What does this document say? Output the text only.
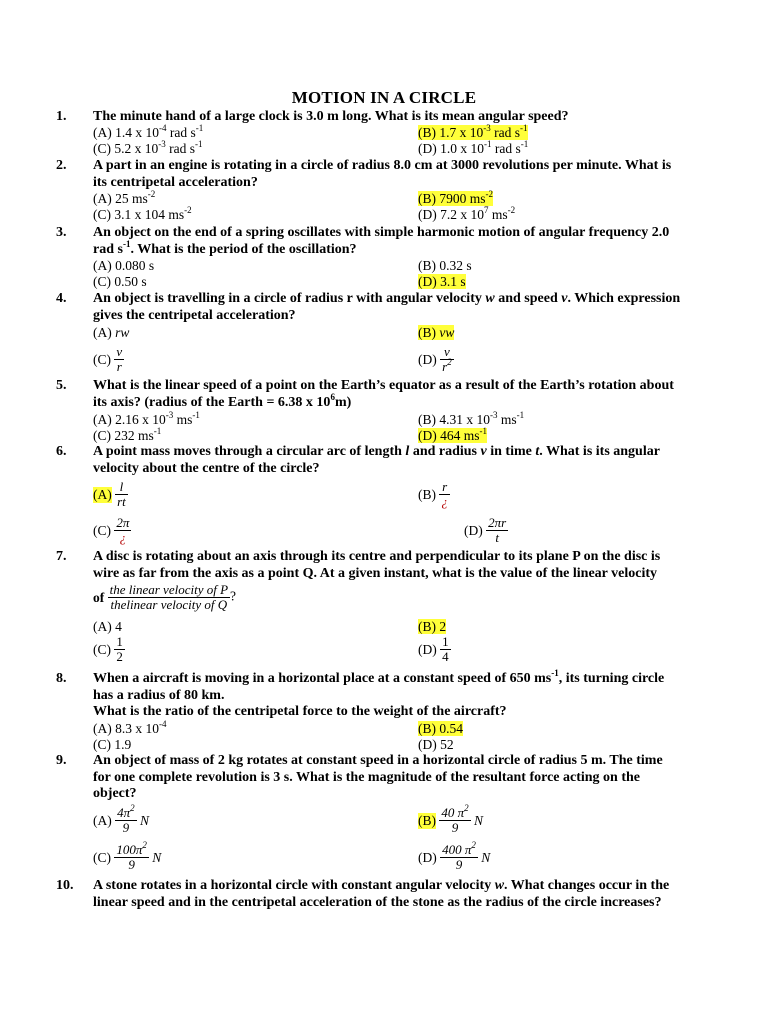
MOTION IN A CIRCLE
1. The minute hand of a large clock is 3.0 m long. What is its mean angular speed?
(A) 1.4 x $10^{-4}$ rad $s^{-1}$	(B) 1.7 x $10^{-3}$ rad $s^{-1}$
(C) 5.2 x $10^{-3}$ rad $s^{-1}$	(D) 1.0 x $10^{-1}$ rad $s^{-1}$
2. A part in an engine is rotating in a circle of radius 8.0 cm at 3000 revolutions per minute. What is its centripetal acceleration?
(A) 25 $ms^{-2}$	(B) 7900 $ms^{-2}$
(C) 3.1 x 104 $ms^{-2}$	(D) 7.2 x $10^7$ $ms^{-2}$
3. An object on the end of a spring oscillates with simple harmonic motion of angular frequency 2.0 rad $s^{-1}$. What is the period of the oscillation?
(A) 0.080 s	(B) 0.32 s
(C) 0.50 s	(D) 3.1 s
4. An object is travelling in a circle of radius r with angular velocity w and speed v. Which expression gives the centripetal acceleration?
(A) rw	(B) vw
$(C) \frac{v}{r}$	$(D) \frac{v}{r^2}$
5. What is the linear speed of a point on the Earth’s equator as a result of the Earth’s rotation about its axis? (radius of the Earth = 6.38 x $10^6m$)
(A) 2.16 x $10^{-3}$ $ms^{-1}$	(B) 4.31 x $10^{-3}$ $ms^{-1}$
(C) 232 $ms^{-1}$	(D) 464 $ms^{-1}$
6. A point mass moves through a circular arc of length l and radius v in time t. What is its angular velocity about the centre of the circle?
$(A) \frac{l}{rt}$	$(B) \frac{r}{¿}$
$(C) \frac{2\pi}{¿}$	$(D) \frac{2\pi r}{t}$
7. A disc is rotating about an axis through its centre and perpendicular to its plane P on the disc is wire as far from the axis as a point Q. At a given instant, what is the value of the linear velocity
of $\frac{\text{the linear velocity of P}}{\text{thelinear velocity of Q}}$ ?
(A) 4	(B) 2
$(C) \frac{1}{2}$	$(D) \frac{1}{4}$
8. When a aircraft is moving in a horizontal place at a constant speed of 650 $ms^{-1}$, its turning circle has a radius of 80 km.
What is the ratio of the centripetal force to the weight of the aircraft?
(A) 8.3 x $10^{-4}$	(B) 0.54
(C) 1.9	(D) 52
9. An object of mass of 2 kg rotates at constant speed in a horizontal circle of radius 5 m. The time for one complete revolution is 3 s. What is the magnitude of the resultant force acting on the object?
$(A) \frac{4\pi^2}{9}$ N	$(B) \frac{40 \pi^2}{9}$ N
$(C) \frac{100\pi^2}{9}$ N	$(D) \frac{400 \pi^2}{9}$ N
10. A stone rotates in a horizontal circle with constant angular velocity w. What changes occur in the linear speed and in the centripetal acceleration of the stone as the radius of the circle increases?
